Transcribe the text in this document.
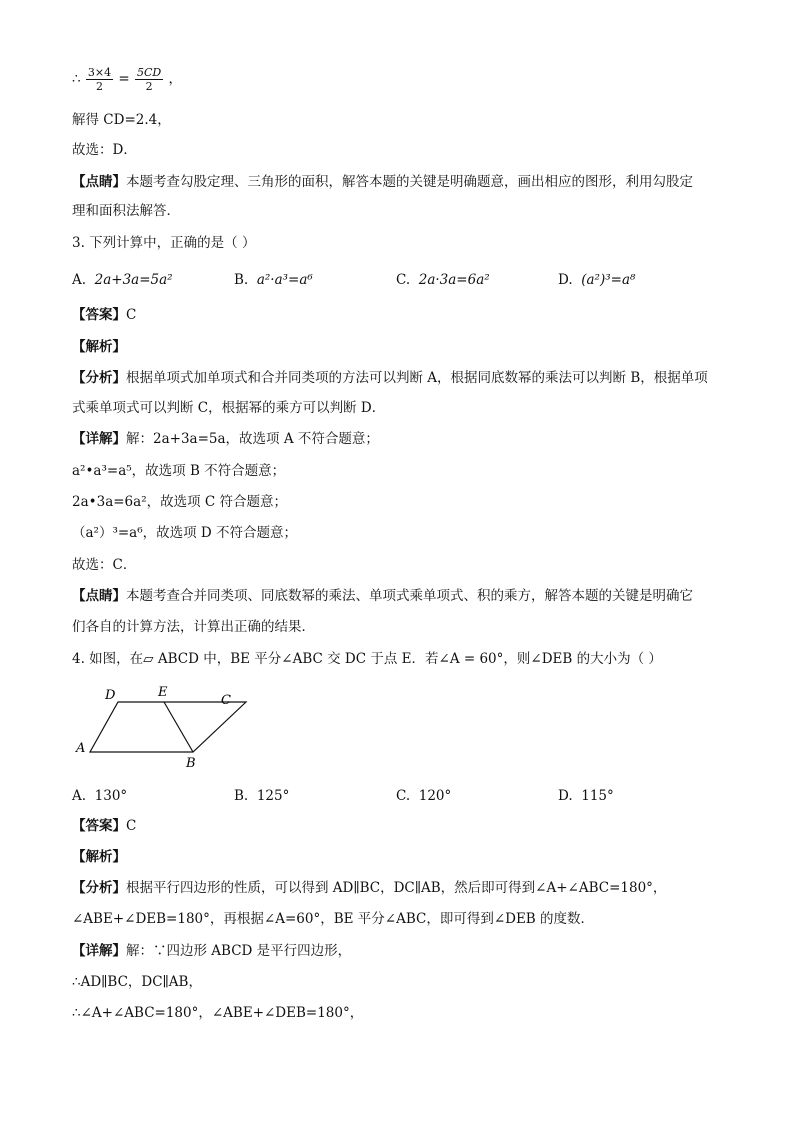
∴ $\frac{3\times 4}{2} = \frac{5CD}{2}$ ，
解得 CD=2.4，
故选：D．
【点睛】本题考查勾股定理、三角形的面积，解答本题的关键是明确题意，画出相应的图形，利用勾股定
理和面积法解答．
3. 下列计算中，正确的是（ ）
A. 2a+3a=5a²	B. a²·a³=a⁶	C. 2a·3a=6a²	D. (a²)³=a⁸
【答案】C
【解析】
【分析】根据单项式加单项式和合并同类项的方法可以判断 A，根据同底数幂的乘法可以判断 B，根据单项
式乘单项式可以判断 C，根据幂的乘方可以判断 D．
【详解】解：2a+3a=5a，故选项 A 不符合题意；
a²•a³=a⁵，故选项 B 不符合题意；
2a•3a=6a²，故选项 C 符合题意；
（a²）³=a⁶，故选项 D 不符合题意；
故选：C．
【点睛】本题考查合并同类项、同底数幂的乘法、单项式乘单项式、积的乘方，解答本题的关键是明确它
们各自的计算方法，计算出正确的结果．
4. 如图，在▱ ABCD 中，BE 平分∠ABC 交 DC 于点 E．若∠A = 60°，则∠DEB 的大小为（ ）
D	E
C
A
B
A. 130°	B. 125°	C. 120°	D. 115°
【答案】C
【解析】
【分析】根据平行四边形的性质，可以得到 AD∥BC，DC∥AB，然后即可得到∠A+∠ABC=180°，
∠ABE+∠DEB=180°，再根据∠A=60°，BE 平分∠ABC，即可得到∠DEB 的度数．
【详解】解：∵四边形 ABCD 是平行四边形，
∴AD∥BC，DC∥AB，
∴∠A+∠ABC=180°，∠ABE+∠DEB=180°，
